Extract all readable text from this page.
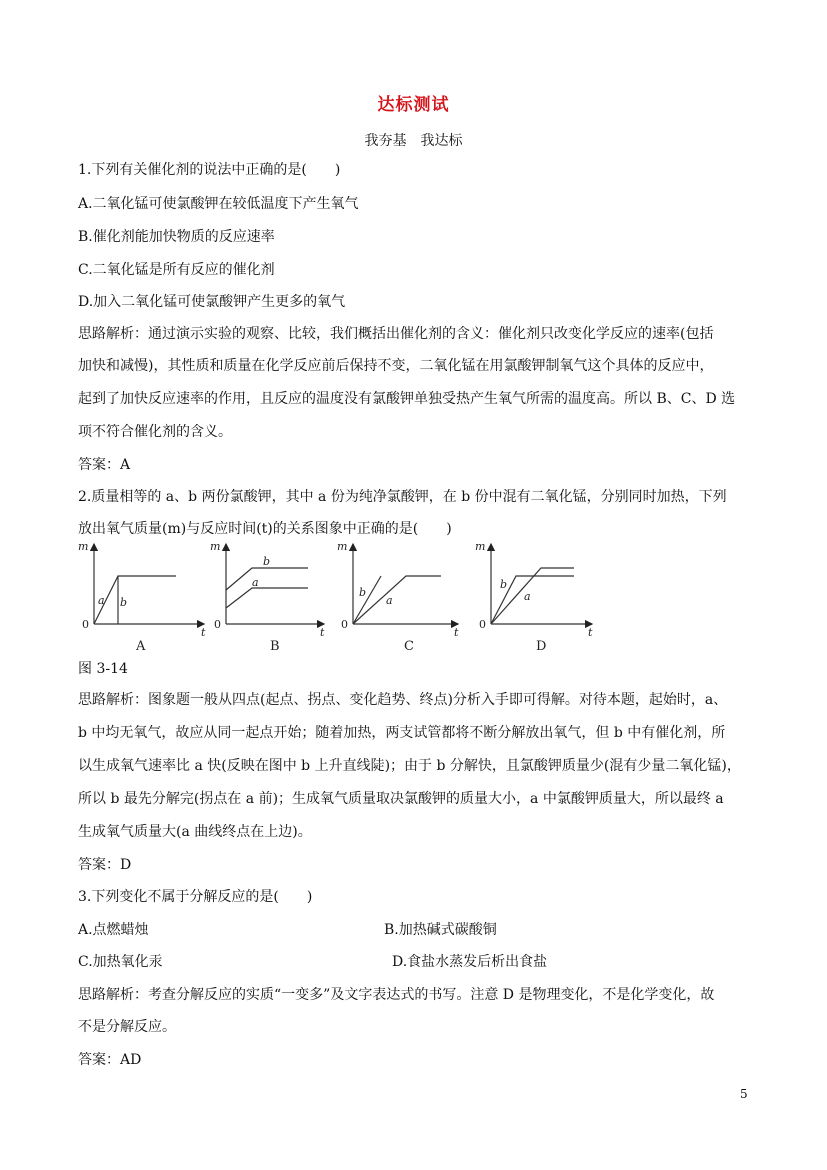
达标测试
我夯基　我达标
1.下列有关催化剂的说法中正确的是(　　)
A.二氧化锰可使氯酸钾在较低温度下产生氧气
B.催化剂能加快物质的反应速率
C.二氧化锰是所有反应的催化剂
D.加入二氧化锰可使氯酸钾产生更多的氧气
思路解析：通过演示实验的观察、比较，我们概括出催化剂的含义：催化剂只改变化学反应的速率(包括
加快和减慢)，其性质和质量在化学反应前后保持不变，二氧化锰在用氯酸钾制氧气这个具体的反应中，
起到了加快反应速率的作用，且反应的温度没有氯酸钾单独受热产生氧气所需的温度高。所以 B、C、D 选
项不符合催化剂的含义。
答案：A
2.质量相等的 a、b 两份氯酸钾，其中 a 份为纯净氯酸钾，在 b 份中混有二氧化锰，分别同时加热，下列
放出氧气质量(m)与反应时间(t)的关系图象中正确的是(　　)
m
t
0
a b
A
m
t
0
a
b
B
m
t
0
a
b
C
m
t
0
a
b
D
图 3-14
思路解析：图象题一般从四点(起点、拐点、变化趋势、终点)分析入手即可得解。对待本题，起始时，a、
b 中均无氧气，故应从同一起点开始；随着加热，两支试管都将不断分解放出氧气，但 b 中有催化剂，所
以生成氧气速率比 a 快(反映在图中 b 上升直线陡)；由于 b 分解快，且氯酸钾质量少(混有少量二氧化锰)，
所以 b 最先分解完(拐点在 a 前)；生成氧气质量取决氯酸钾的质量大小，a 中氯酸钾质量大，所以最终 a
生成氧气质量大(a 曲线终点在上边)。
答案：D
3.下列变化不属于分解反应的是(　　)
A.点燃蜡烛	B.加热碱式碳酸铜
C.加热氧化汞	D.食盐水蒸发后析出食盐
思路解析：考查分解反应的实质“一变多”及文字表达式的书写。注意 D 是物理变化，不是化学变化，故
不是分解反应。
答案：AD
5
